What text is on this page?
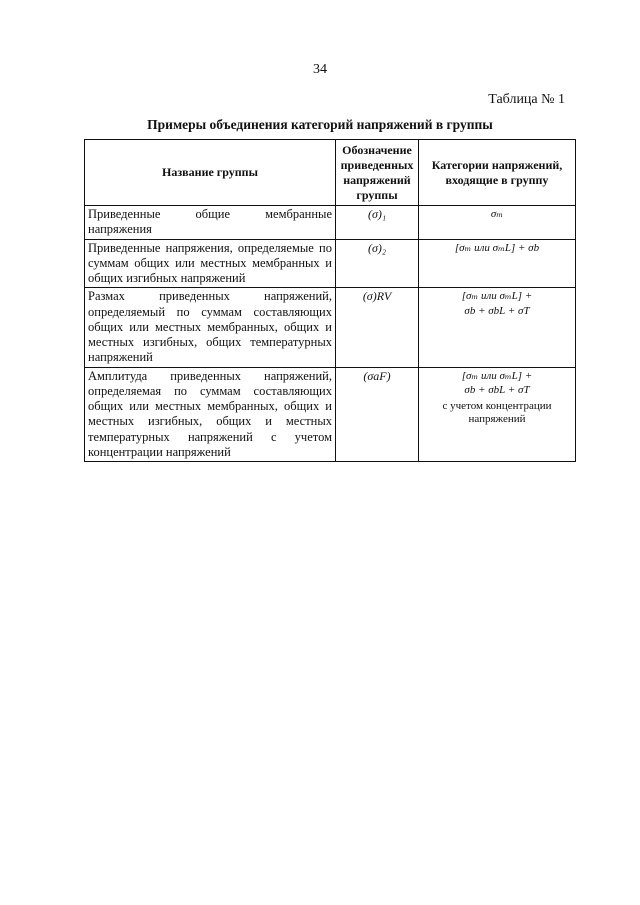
34
Таблица № 1
Примеры объединения категорий напряжений в группы
Название группы	Обозначение приведенных напряжений группы	Категории напряжений, входящие в группу
Приведенные общие мембранные напряжения	(σ)₁	σₘ
Приведенные напряжения, определяемые по суммам общих или местных мембранных и общих изгибных напряжений	(σ)₂	[σₘ или σₘL] + σb
Размах приведенных напряжений, определяемый по суммам составляющих общих или местных мембранных, общих и местных изгибных, общих температурных напряжений	(σ)RV	[σₘ или σₘL] +
σb + σbL + σT

Амплитуда приведенных напряжений, определяемая по суммам составляющих общих или местных мембранных, общих и местных изгибных, общих и местных температурных напряжений с учетом концентрации напряжений	(σaF)	[σₘ или σₘL] +
σb + σbL + σT
с учетом концентрации напряжений
